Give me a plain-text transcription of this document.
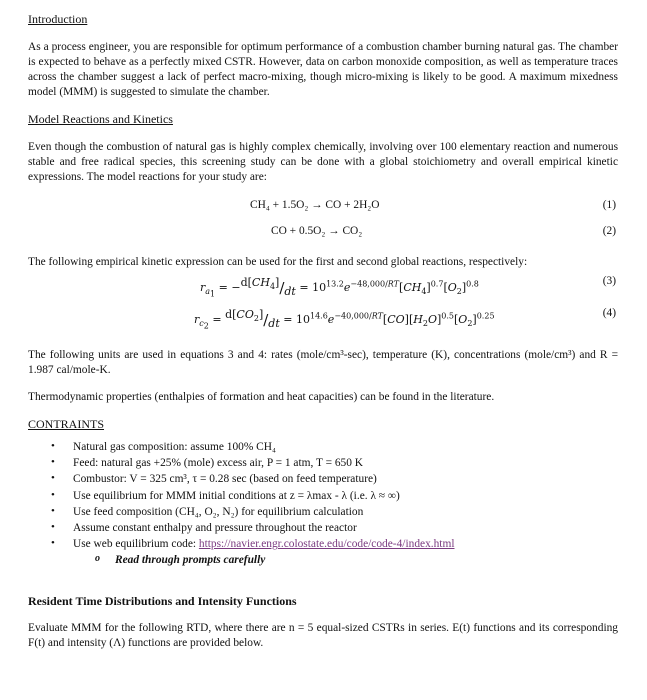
Introduction

As a process engineer, you are responsible for optimum performance of a combustion chamber burning natural gas. The chamber is expected to behave as a perfectly mixed CSTR. However, data on carbon monoxide composition, as well as temperature traces across the chamber suggest a lack of perfect macro-mixing, though micro-mixing is likely to be good. A maximum mixedness model (MMM) is suggested to simulate the chamber.

Model Reactions and Kinetics

Even though the combustion of natural gas is highly complex chemically, involving over 100 elementary reaction and numerous stable and free radical species, this screening study can be done with a global stoichiometry and overall empirical kinetic expressions. The model reactions for your study are:

CH₄ + 1.5O₂ → CO + 2H₂O	(1)
CO + 0.5O₂ → CO₂	(2)

The following empirical kinetic expression can be used for the first and second global reactions, respectively:

$r_{a_1} = -^{d[CH_4]}/_{dt} = 10^{13.2}e^{-48,000/RT}[CH_4]^{0.7}[O_2]^{0.8}$	(3)
$r_{c_2} = ^{d[CO_2]}/_{dt} = 10^{14.6}e^{-40,000/RT}[CO][H_2O]^{0.5}[O_2]^{0.25}$	(4)

The following units are used in equations 3 and 4: rates (mole/cm³-sec), temperature (K), concentrations (mole/cm³) and R = 1.987 cal/mole-K.

Thermodynamic properties (enthalpies of formation and heat capacities) can be found in the literature.

CONTRAINTS

• Natural gas composition: assume 100% CH₄
• Feed: natural gas +25% (mole) excess air, P = 1 atm, T = 650 K
• Combustor: V = 325 cm³, τ = 0.28 sec (based on feed temperature)
• Use equilibrium for MMM initial conditions at z = λmax - λ (i.e. λ ≈ ∞)
• Use feed composition (CH₄, O₂, N₂) for equilibrium calculation
• Assume constant enthalpy and pressure throughout the reactor
• Use web equilibrium code: https://navier.engr.colostate.edu/code/code-4/index.html
o Read through prompts carefully

Resident Time Distributions and Intensity Functions

Evaluate MMM for the following RTD, where there are n = 5 equal-sized CSTRs in series. E(t) functions and its corresponding F(t) and intensity (Λ) functions are provided below.
